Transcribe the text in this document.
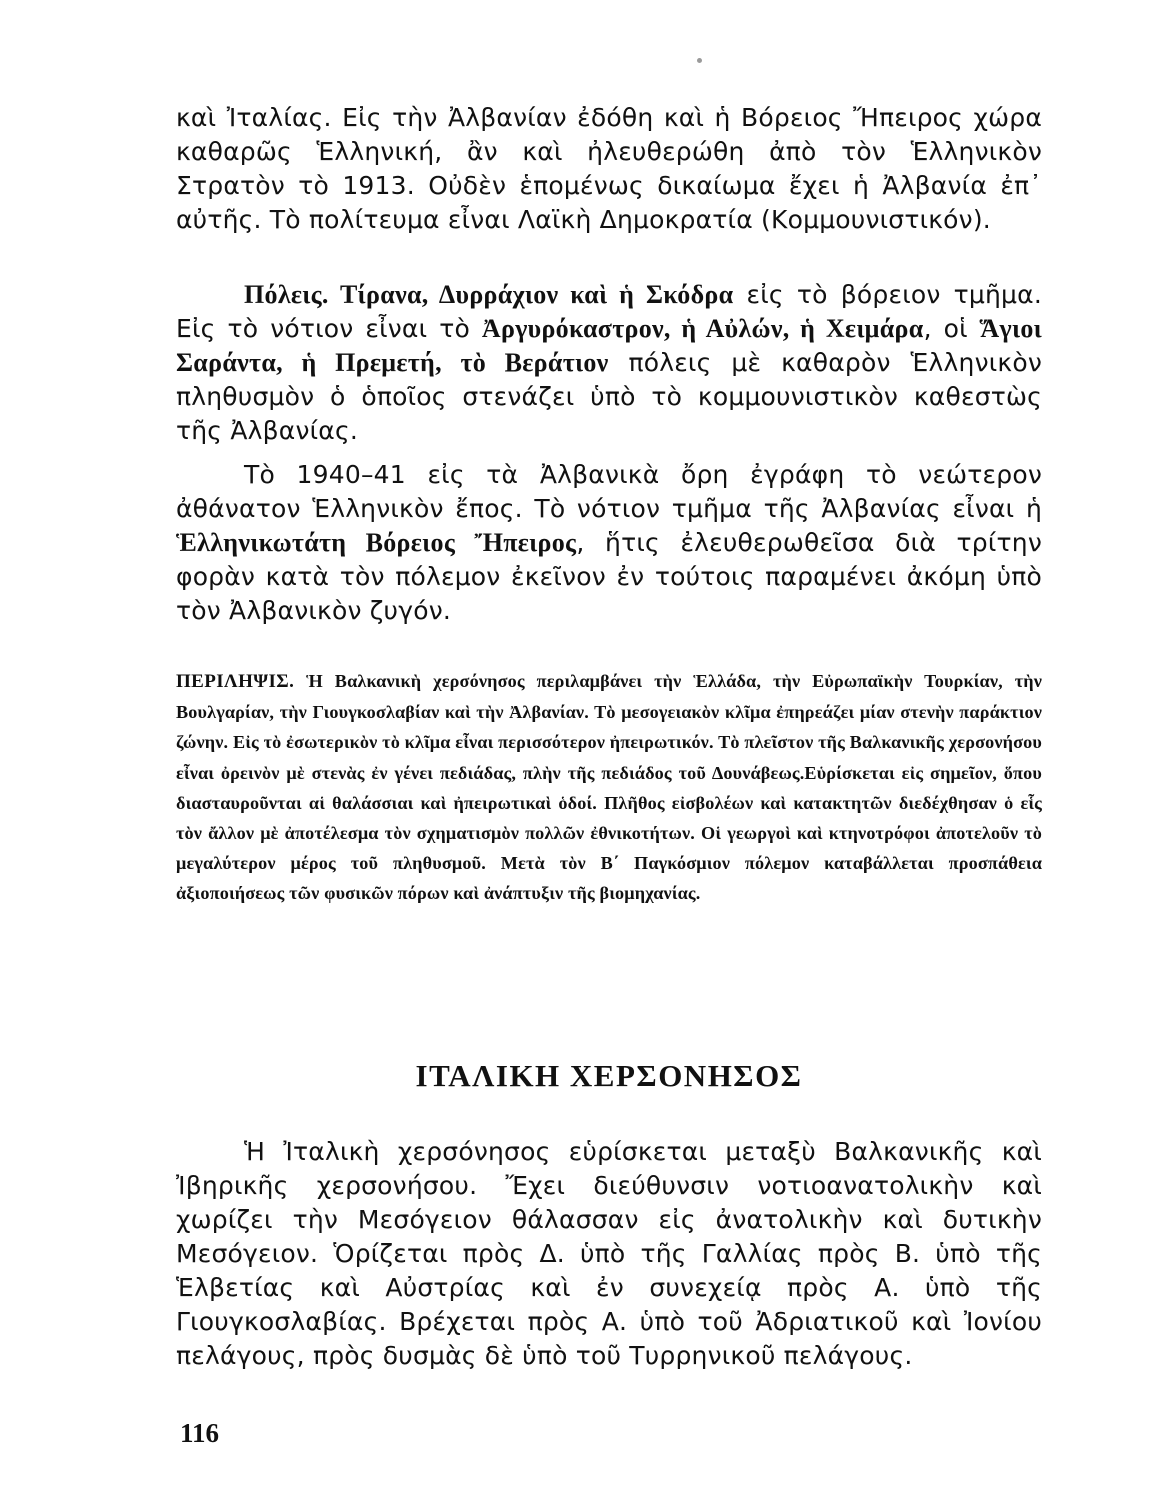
καὶ Ἰταλίας. Εἰς τὴν Ἀλβανίαν ἐδόθη καὶ ἡ Βόρειος Ἤπειρος χώρα καθαρῶς Ἑλληνική, ἂν καὶ ἠλευθερώθη ἀπὸ τὸν Ἑλληνικὸν Στρατὸν τὸ 1913. Οὐδὲν ἑπομένως δικαίωμα ἔχει ἡ Ἀλβανία ἐπ᾿ αὐτῆς. Τὸ πολίτευμα εἶναι Λαϊκὴ Δημοκρατία (Κομμουνιστικόν).

Πόλεις. Τίρανα, Δυρράχιον καὶ ἡ Σκόδρα εἰς τὸ βόρειον τμῆμα. Εἰς τὸ νότιον εἶναι τὸ Ἀργυρόκαστρον, ἡ Αὐλών, ἡ Χειμάρα, οἱ Ἅγιοι Σαράντα, ἡ Πρεμετή, τὸ Βεράτιον πόλεις μὲ καθαρὸν Ἑλληνικὸν πληθυσμὸν ὁ ὁποῖος στενάζει ὑπὸ τὸ κομμουνιστικὸν καθεστὼς τῆς Ἀλβανίας.

Τὸ 1940–41 εἰς τὰ Ἀλβανικὰ ὄρη ἐγράφη τὸ νεώτερον ἀθάνατον Ἑλληνικὸν ἔπος. Τὸ νότιον τμῆμα τῆς Ἀλβανίας εἶναι ἡ Ἑλληνικωτάτη Βόρειος Ἤπειρος, ἥτις ἐλευθερωθεῖσα διὰ τρίτην φορὰν κατὰ τὸν πόλεμον ἐκεῖνον ἐν τούτοις παραμένει ἀκόμη ὑπὸ τὸν Ἀλβανικὸν ζυγόν.

ΠΕΡΙΛΗΨΙΣ. Ἡ Βαλκανικὴ χερσόνησος περιλαμβάνει τὴν Ἑλλάδα, τὴν Εὐρωπαϊκὴν Τουρκίαν, τὴν Βουλγαρίαν, τὴν Γιουγκοσλαβίαν καὶ τὴν Ἀλβανίαν. Τὸ μεσογειακὸν κλῖμα ἐπηρεάζει μίαν στενὴν παράκτιον ζώνην. Εἰς τὸ ἐσωτερικὸν τὸ κλῖμα εἶναι περισσότερον ἠπειρωτικόν. Τὸ πλεῖστον τῆς Βαλκανικῆς χερσονήσου εἶναι ὀρεινὸν μὲ στενὰς ἐν γένει πεδιάδας, πλὴν τῆς πεδιάδος τοῦ Δουνάβεως.Εὑρίσκεται εἰς σημεῖον, ὅπου διασταυροῦνται αἱ θαλάσσιαι καὶ ἠπειρωτικαὶ ὁδοί. Πλῆθος εἰσβολέων καὶ κατακτητῶν διεδέχθησαν ὁ εἷς τὸν ἄλλον μὲ ἀποτέλεσμα τὸν σχηματισμὸν πολλῶν ἐθνικοτήτων. Οἱ γεωργοὶ καὶ κτηνοτρόφοι ἀποτελοῦν τὸ μεγαλύτερον μέρος τοῦ πληθυσμοῦ. Μετὰ τὸν Β΄ Παγκόσμιον πόλεμον καταβάλλεται προσπάθεια ἀξιοποιήσεως τῶν φυσικῶν πόρων καὶ ἀνάπτυξιν τῆς βιομηχανίας.

ΙΤΑΛΙΚΗ ΧΕΡΣΟΝΗΣΟΣ

Ἡ Ἰταλικὴ χερσόνησος εὑρίσκεται μεταξὺ Βαλκανικῆς καὶ Ἰβηρικῆς χερσονήσου. Ἔχει διεύθυνσιν νοτιοανατολικὴν καὶ χωρίζει τὴν Μεσόγειον θάλασσαν εἰς ἀνατολικὴν καὶ δυτικὴν Μεσόγειον. Ὁρίζεται πρὸς Δ. ὑπὸ τῆς Γαλλίας πρὸς Β. ὑπὸ τῆς Ἑλβετίας καὶ Αὐστρίας καὶ ἐν συνεχείᾳ πρὸς Α. ὑπὸ τῆς Γιουγκοσλαβίας. Βρέχεται πρὸς Α. ὑπὸ τοῦ Ἀδριατικοῦ καὶ Ἰονίου πελάγους, πρὸς δυσμὰς δὲ ὑπὸ τοῦ Τυρρηνικοῦ πελάγους.

116
